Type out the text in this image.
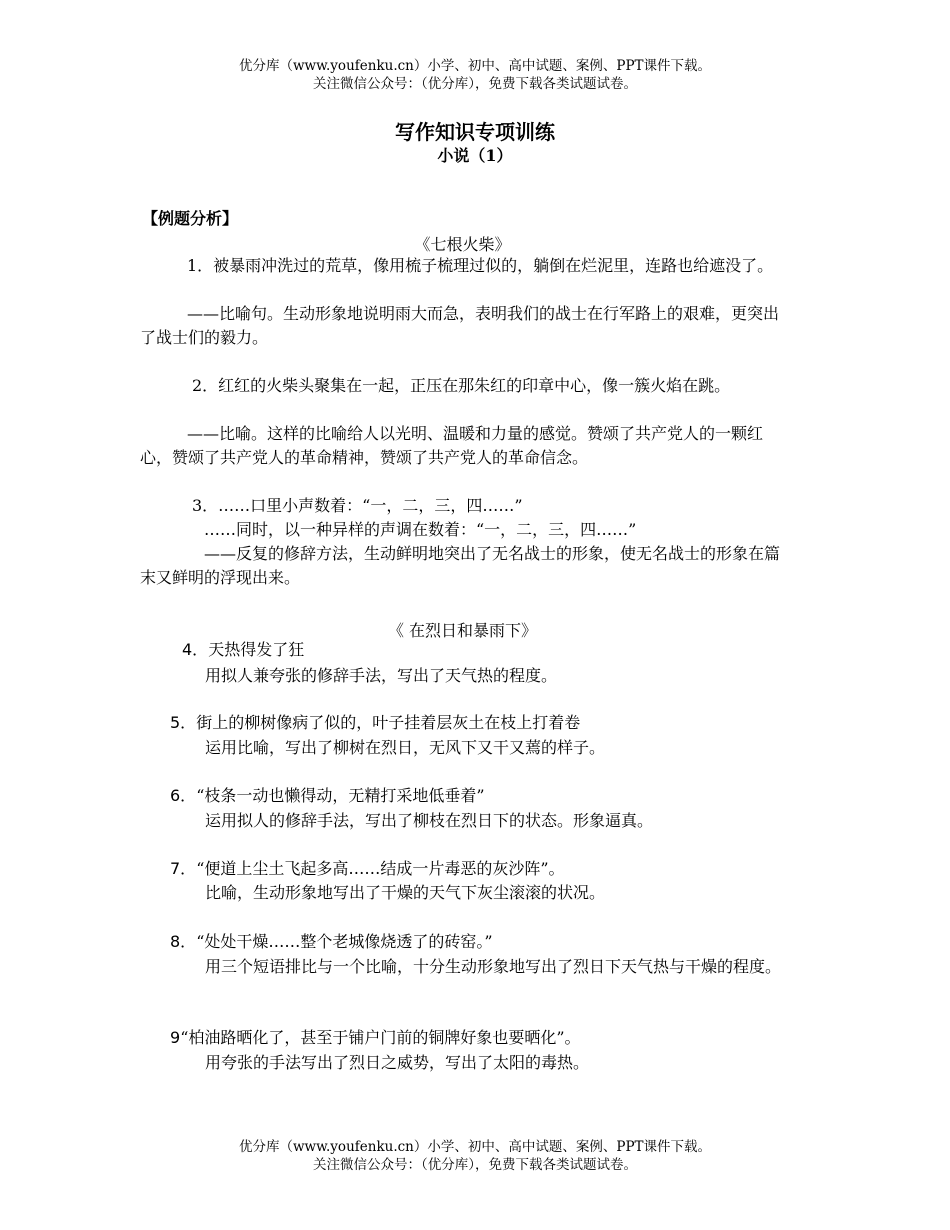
优分库（www.youfenku.cn）小学、初中、高中试题、案例、PPT课件下载。
关注微信公众号：（优分库），免费下载各类试题试卷。
写作知识专项训练
小说（1）
【例题分析】
《七根火柴》
1．被暴雨冲洗过的荒草，像用梳子梳理过似的，躺倒在烂泥里，连路也给遮没了。
——比喻句。生动形象地说明雨大而急，表明我们的战士在行军路上的艰难，更突出了战士们的毅力。
2．红红的火柴头聚集在一起，正压在那朱红的印章中心，像一簇火焰在跳。
——比喻。这样的比喻给人以光明、温暖和力量的感觉。赞颂了共产党人的一颗红心，赞颂了共产党人的革命精神，赞颂了共产党人的革命信念。
3．……口里小声数着：“一，二，三，四……”
……同时，以一种异样的声调在数着：“一，二，三，四……”
——反复的修辞方法，生动鲜明地突出了无名战士的形象，使无名战士的形象在篇末又鲜明的浮现出来。
《 在烈日和暴雨下》
4．天热得发了狂
用拟人兼夸张的修辞手法，写出了天气热的程度。
5．街上的柳树像病了似的，叶子挂着层灰土在枝上打着卷
运用比喻，写出了柳树在烈日，无风下又干又蔫的样子。
6．“枝条一动也懒得动，无精打采地低垂着”
运用拟人的修辞手法，写出了柳枝在烈日下的状态。形象逼真。
7．“便道上尘土飞起多高……结成一片毒恶的灰沙阵”。
比喻，生动形象地写出了干燥的天气下灰尘滚滚的状况。
8．“处处干燥……整个老城像烧透了的砖窑。”
用三个短语排比与一个比喻，十分生动形象地写出了烈日下天气热与干燥的程度。
9“柏油路晒化了，甚至于铺户门前的铜牌好象也要晒化”。
用夸张的手法写出了烈日之威势，写出了太阳的毒热。
优分库（www.youfenku.cn）小学、初中、高中试题、案例、PPT课件下载。
关注微信公众号：（优分库），免费下载各类试题试卷。
